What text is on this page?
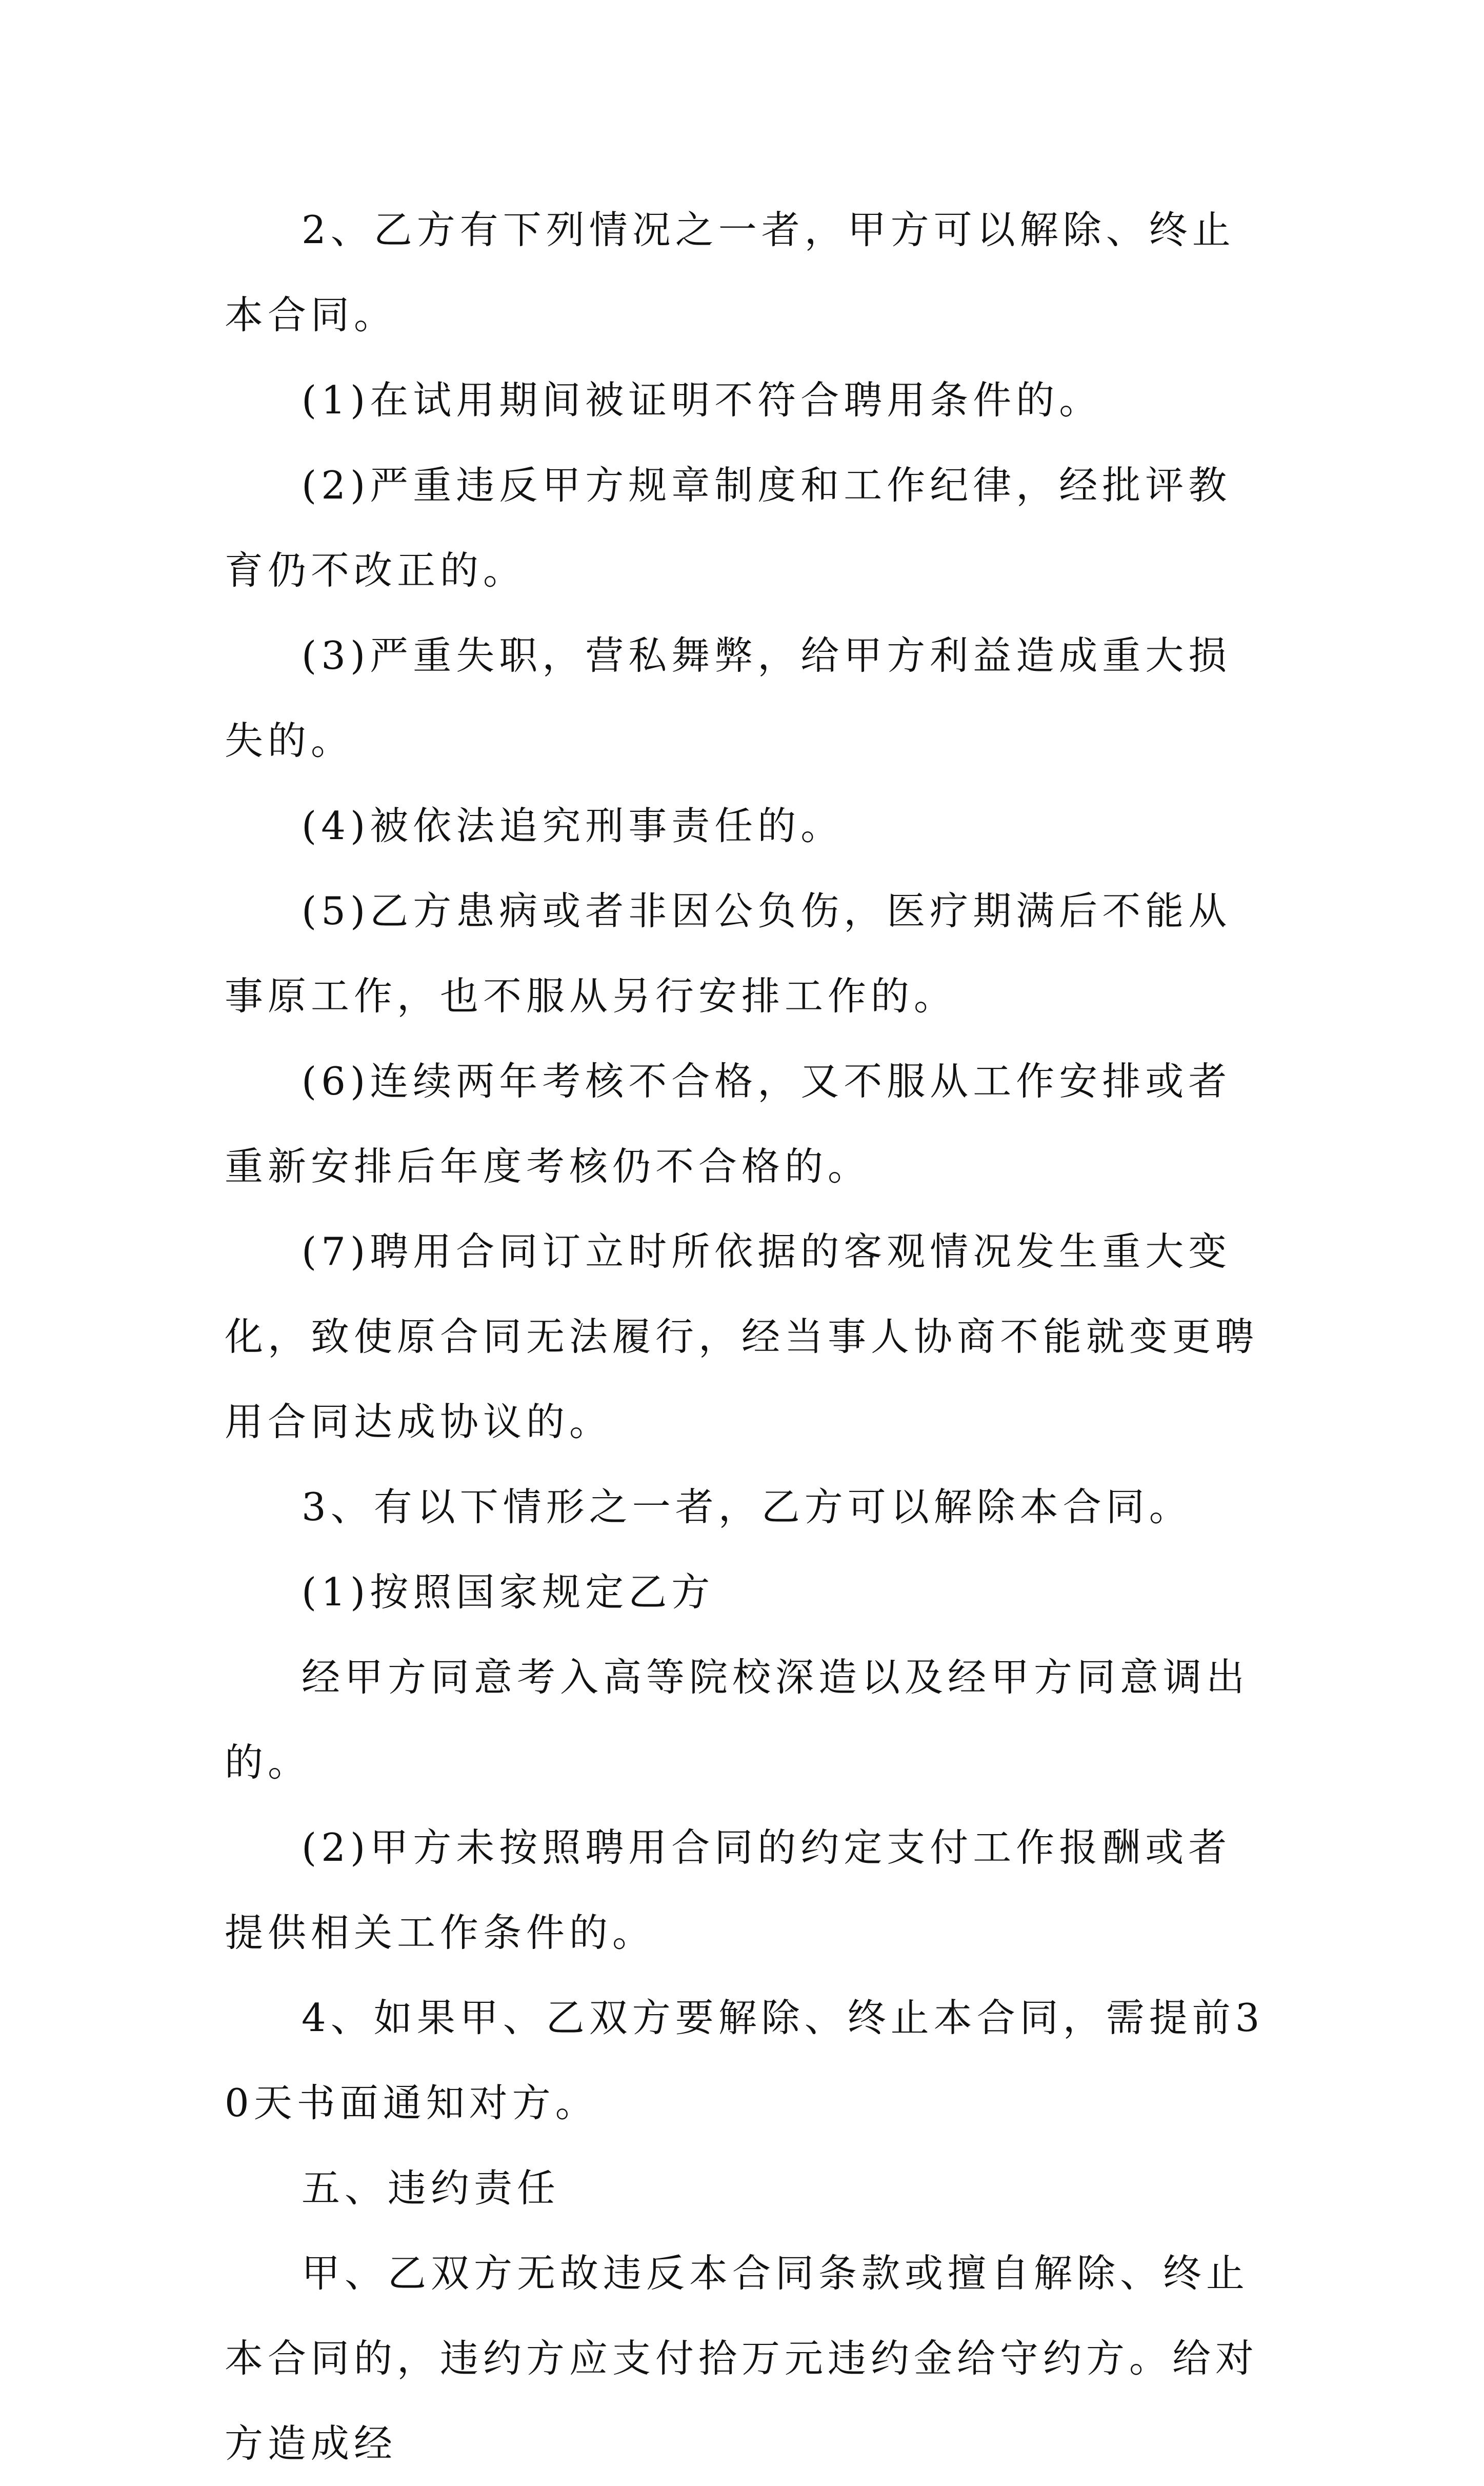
2、乙方有下列情况之一者，甲方可以解除、终止本合同。

(1)在试用期间被证明不符合聘用条件的。

(2)严重违反甲方规章制度和工作纪律，经批评教育仍不改正的。

(3)严重失职，营私舞弊，给甲方利益造成重大损失的。

(4)被依法追究刑事责任的。

(5)乙方患病或者非因公负伤，医疗期满后不能从事原工作，也不服从另行安排工作的。

(6)连续两年考核不合格，又不服从工作安排或者重新安排后年度考核仍不合格的。

(7)聘用合同订立时所依据的客观情况发生重大变化，致使原合同无法履行，经当事人协商不能就变更聘用合同达成协议的。

3、有以下情形之一者，乙方可以解除本合同。

(1)按照国家规定乙方

经甲方同意考入高等院校深造以及经甲方同意调出的。

(2)甲方未按照聘用合同的约定支付工作报酬或者提供相关工作条件的。

4、如果甲、乙双方要解除、终止本合同，需提前30天书面通知对方。

五、违约责任

甲、乙双方无故违反本合同条款或擅自解除、终止本合同的，违约方应支付拾万元违约金给守约方。给对方造成经
